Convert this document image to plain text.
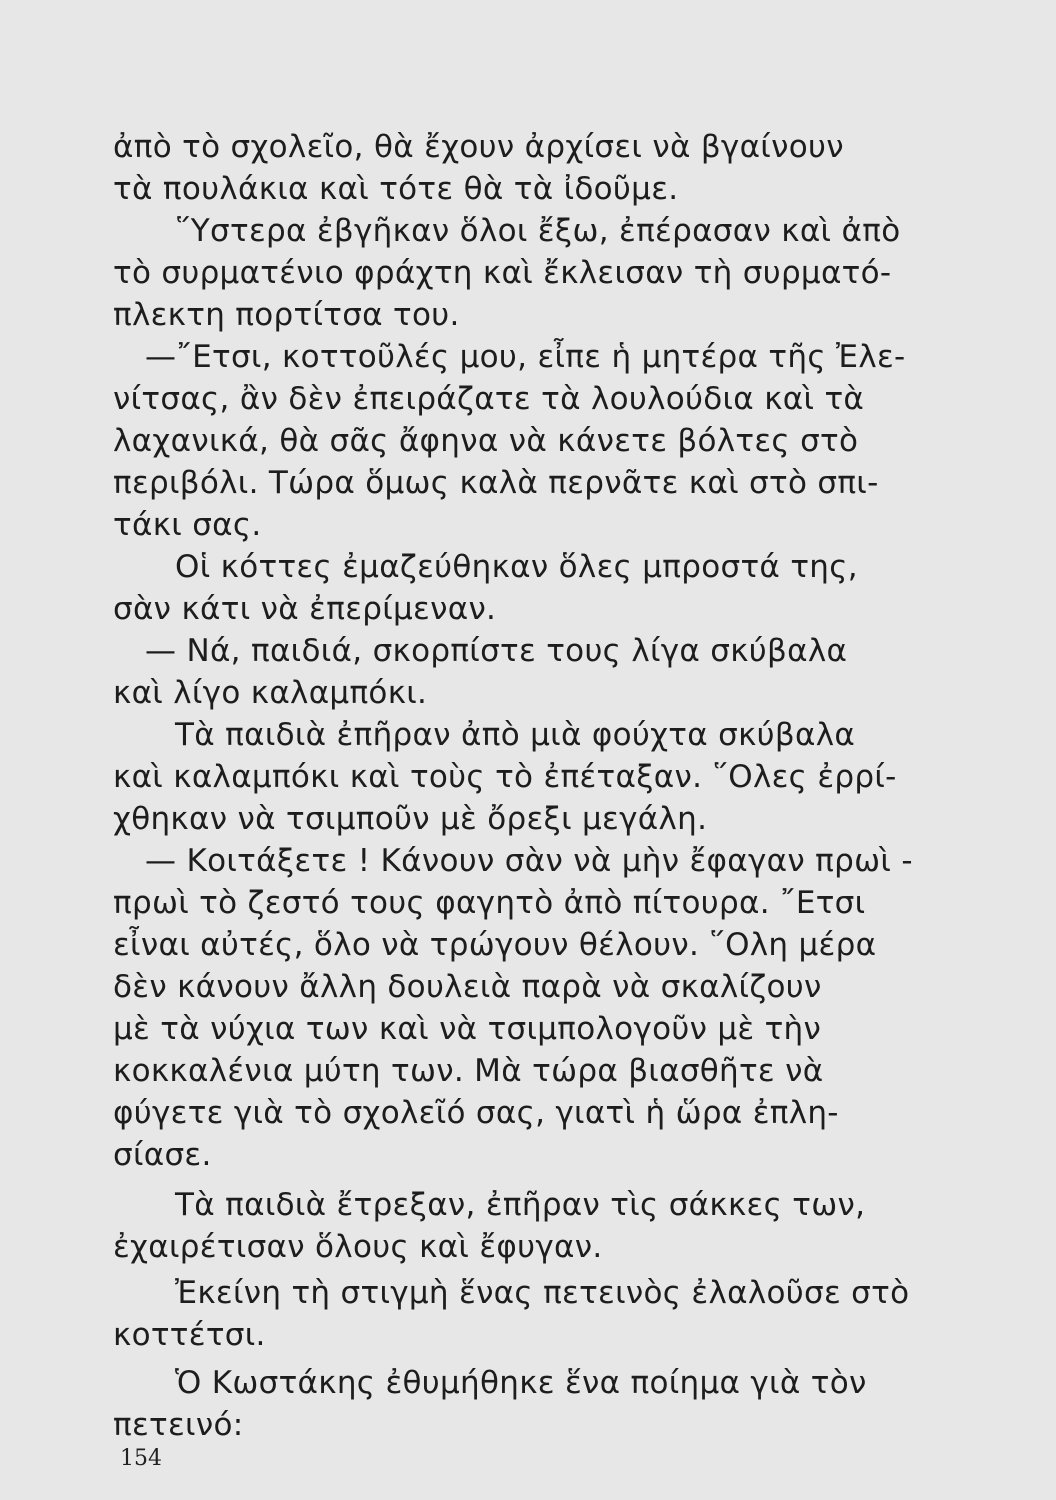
ἀπὸ τὸ σχολεῖο, θὰ ἔχουν ἀρχίσει νὰ βγαίνουν
τὰ πουλάκια καὶ τότε θὰ τὰ ἰδοῦμε.
῞Υστερα ἐβγῆκαν ὅλοι ἔξω, ἐπέρασαν καὶ ἀπὸ
τὸ συρματένιο φράχτη καὶ ἔκλεισαν τὴ συρματό-
πλεκτη πορτίτσα του.
—῎Ετσι, κοττοῦλές μου, εἶπε ἡ μητέρα τῆς Ἐλε-
νίτσας, ἂν δὲν ἐπειράζατε τὰ λουλούδια καὶ τὰ
λαχανικά, θὰ σᾶς ἄφηνα νὰ κάνετε βόλτες στὸ
περιβόλι. Τώρα ὅμως καλὰ περνᾶτε καὶ στὸ σπι-
τάκι σας.
Οἱ κόττες ἐμαζεύθηκαν ὅλες μπροστά της,
σὰν κάτι νὰ ἐπερίμεναν.
— Νά, παιδιά, σκορπίστε τους λίγα σκύβαλα
καὶ λίγο καλαμπόκι.
Τὰ παιδιὰ ἐπῆραν ἀπὸ μιὰ φούχτα σκύβαλα
καὶ καλαμπόκι καὶ τοὺς τὸ ἐπέταξαν. ῞Ολες ἐρρί-
χθηκαν νὰ τσιμποῦν μὲ ὄρεξι μεγάλη.
— Κοιτάξετε ! Κάνουν σὰν νὰ μὴν ἔφαγαν πρωὶ -
πρωὶ τὸ ζεστό τους φαγητὸ ἀπὸ πίτουρα. ῎Ετσι
εἶναι αὐτές, ὅλο νὰ τρώγουν θέλουν. ῞Ολη μέρα
δὲν κάνουν ἄλλη δουλειὰ παρὰ νὰ σκαλίζουν
μὲ τὰ νύχια των καὶ νὰ τσιμπολογοῦν μὲ τὴν
κοκκαλένια μύτη των. Μὰ τώρα βιασθῆτε νὰ
φύγετε γιὰ τὸ σχολεῖό σας, γιατὶ ἡ ὥρα ἐπλη-
σίασε.
Τὰ παιδιὰ ἔτρεξαν, ἐπῆραν τὶς σάκκες των,
ἐχαιρέτισαν ὅλους καὶ ἔφυγαν.
Ἐκείνη τὴ στιγμὴ ἕνας πετεινὸς ἐλαλοῦσε στὸ
κοττέτσι.
Ὁ Κωστάκης ἐθυμήθηκε ἕνα ποίημα γιὰ τὸν
πετεινό:
154
